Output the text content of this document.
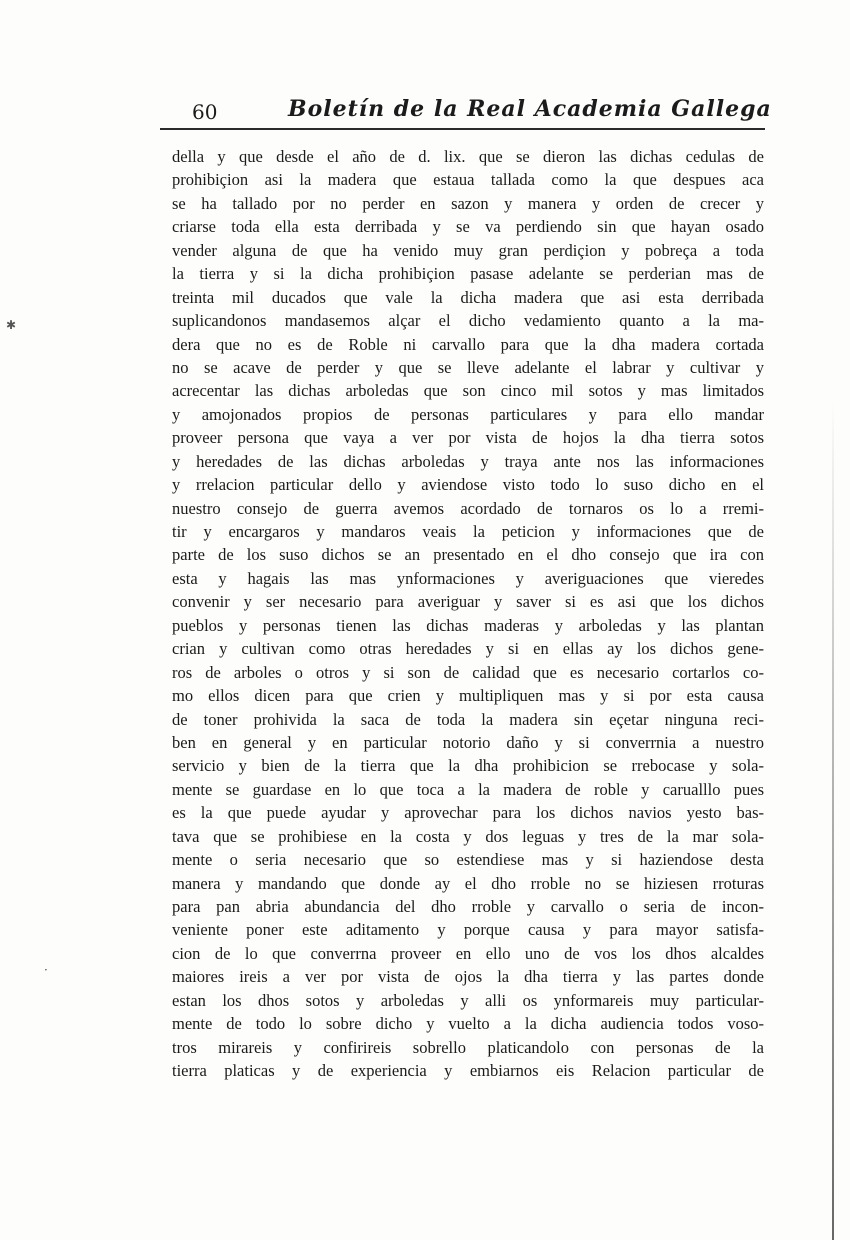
60	Boletín de la Real Academia Gallega
della y que desde el año de d. lix. que se dieron las dichas cedulas de
prohibiçion asi la madera que estaua tallada como la que despues aca
se ha tallado por no perder en sazon y manera y orden de crecer y
criarse toda ella esta derribada y se va perdiendo sin que hayan osado
vender alguna de que ha venido muy gran perdiçion y pobreça a toda
la tierra y si la dicha prohibiçion pasase adelante se perderian mas de
treinta mil ducados que vale la dicha madera que asi esta derribada
suplicandonos mandasemos alçar el dicho vedamiento quanto a la ma-
dera que no es de Roble ni carvallo para que la dha madera cortada
no se acave de perder y que se lleve adelante el labrar y cultivar y
acrecentar las dichas arboledas que son cinco mil sotos y mas limitados
y amojonados propios de personas particulares y para ello mandar
proveer persona que vaya a ver por vista de hojos la dha tierra sotos
y heredades de las dichas arboledas y traya ante nos las informaciones
y rrelacion particular dello y aviendose visto todo lo suso dicho en el
nuestro consejo de guerra avemos acordado de tornaros os lo a rremi-
tir y encargaros y mandaros veais la peticion y informaciones que de
parte de los suso dichos se an presentado en el dho consejo que ira con
esta y hagais las mas ynformaciones y averiguaciones que vieredes
convenir y ser necesario para averiguar y saver si es asi que los dichos
pueblos y personas tienen las dichas maderas y arboledas y las plantan
crian y cultivan como otras heredades y si en ellas ay los dichos gene-
ros de arboles o otros y si son de calidad que es necesario cortarlos co-
mo ellos dicen para que crien y multipliquen mas y si por esta causa
de toner prohivida la saca de toda la madera sin eçetar ninguna reci-
ben en general y en particular notorio daño y si converrnia a nuestro
servicio y bien de la tierra que la dha prohibicion se rrebocase y sola-
mente se guardase en lo que toca a la madera de roble y carualllo pues
es la que puede ayudar y aprovechar para los dichos navios yesto bas-
tava que se prohibiese en la costa y dos leguas y tres de la mar sola-
mente o seria necesario que so estendiese mas y si haziendose desta
manera y mandando que donde ay el dho rroble no se hiziesen rroturas
para pan abria abundancia del dho rroble y carvallo o seria de incon-
veniente poner este aditamento y porque causa y para mayor satisfa-
cion de lo que converrna proveer en ello uno de vos los dhos alcaldes
maiores ireis a ver por vista de ojos la dha tierra y las partes donde
estan los dhos sotos y arboledas y alli os ynformareis muy particular-
mente de todo lo sobre dicho y vuelto a la dicha audiencia todos voso-
tros mirareis y confirireis sobrello platicandolo con personas de la
tierra platicas y de experiencia y embiarnos eis Relacion particular de
✱
·
